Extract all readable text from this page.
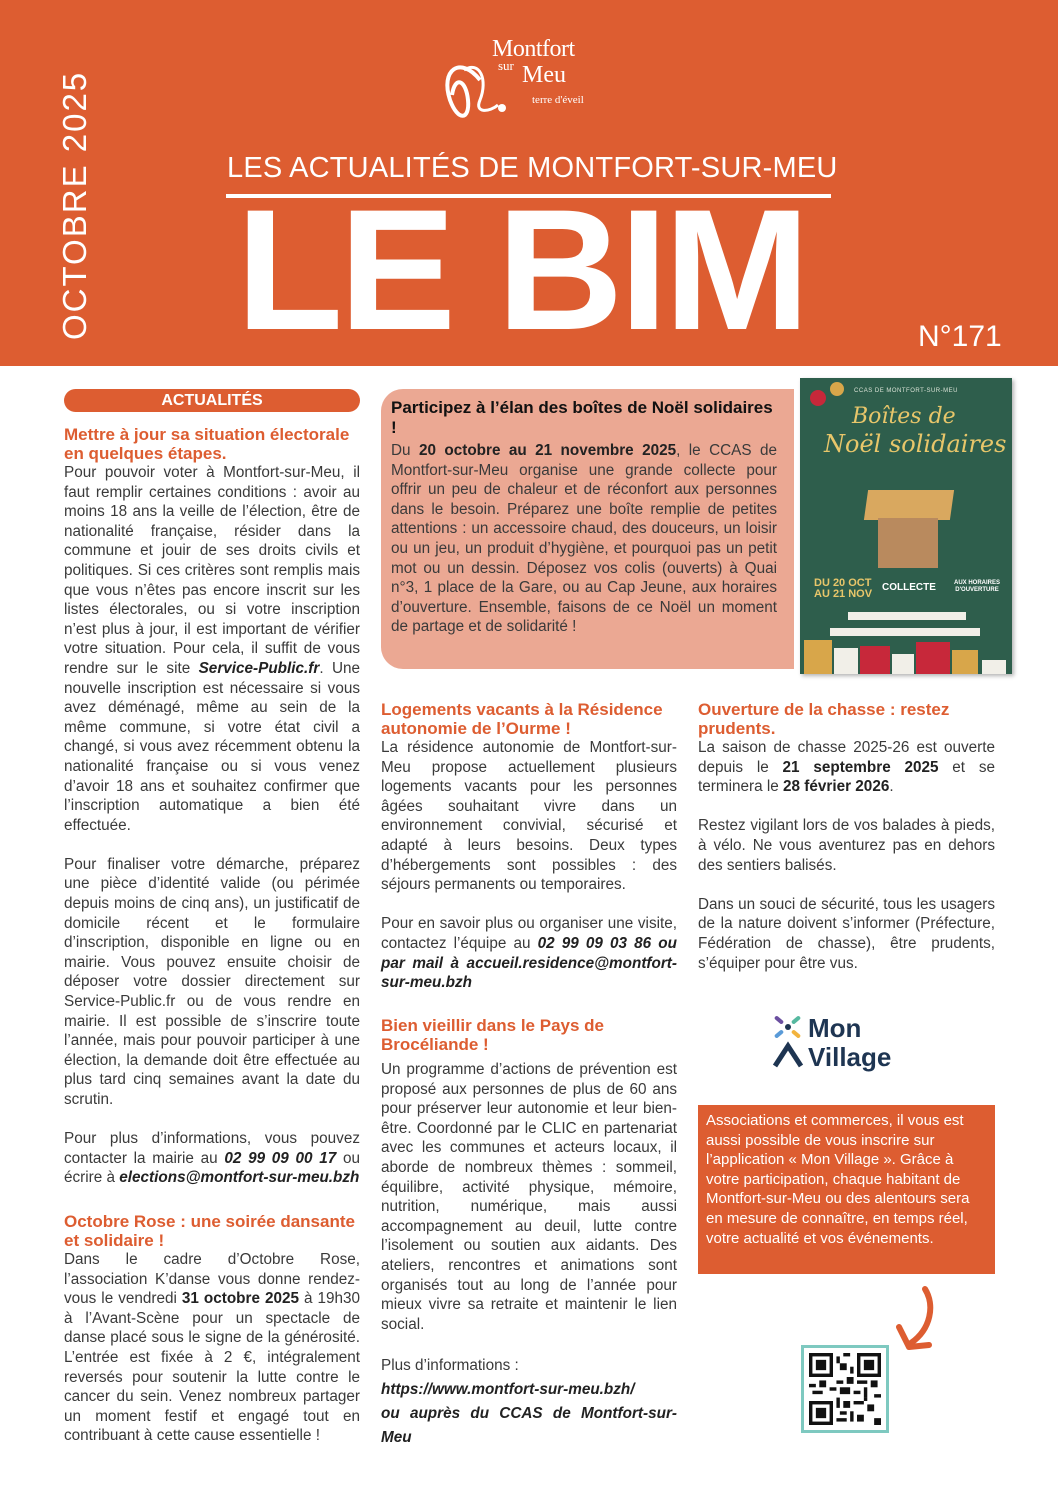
Montfort
sur Meu
terre d'éveil
OCTOBRE 2025	LES ACTUALITÉS DE MONTFORT-SUR-MEU
LE BIM	N°171
ACTUALITÉS
Mettre à jour sa situation électorale en quelques étapes.

Pour pouvoir voter à Montfort-sur-Meu, il faut remplir certaines conditions : avoir au moins 18 ans la veille de l’élection, être de nationalité française, résider dans la commune et jouir de ses droits civils et politiques. Si ces critères sont remplis mais que vous n’êtes pas encore inscrit sur les listes électorales, ou si votre inscription n’est plus à jour, il est important de vérifier votre situation. Pour cela, il suffit de vous rendre sur le site Service-Public.fr. Une nouvelle inscription est nécessaire si vous avez déménagé, même au sein de la même commune, si votre état civil a changé, si vous avez récemment obtenu la nationalité française ou si vous venez d’avoir 18 ans et souhaitez confirmer que l’inscription automatique a bien été effectuée.

Pour finaliser votre démarche, préparez une pièce d’identité valide (ou périmée depuis moins de cinq ans), un justificatif de domicile récent et le formulaire d’inscription, disponible en ligne ou en mairie. Vous pouvez ensuite choisir de déposer votre dossier directement sur Service-Public.fr ou de vous rendre en mairie. Il est possible de s’inscrire toute l’année, mais pour pouvoir participer à une élection, la demande doit être effectuée au plus tard cinq semaines avant la date du scrutin.

Pour plus d’informations, vous pouvez contacter la mairie au 02 99 09 00 17 ou écrire à elections@montfort-sur-meu.bzh

Octobre Rose : une soirée dansante et solidaire !

Dans le cadre d’Octobre Rose, l’association K’danse vous donne rendez-vous le vendredi 31 octobre 2025 à 19h30 à l’Avant-Scène pour un spectacle de danse placé sous le signe de la générosité. L’entrée est fixée à 2 €, intégralement reversés pour soutenir la lutte contre le cancer du sein. Venez nombreux partager un moment festif et engagé tout en contribuant à cette cause essentielle !

Participez à l’élan des boîtes de Noël solidaires !

Du 20 octobre au 21 novembre 2025, le CCAS de Montfort-sur-Meu organise une grande collecte pour offrir un peu de chaleur et de réconfort aux personnes dans le besoin. Préparez une boîte remplie de petites attentions : un accessoire chaud, des douceurs, un loisir ou un jeu, un produit d’hygiène, et pourquoi pas un petit mot ou un dessin. Déposez vos colis (ouverts) à Quai n°3, 1 place de la Gare, ou au Cap Jeune, aux horaires d’ouverture. Ensemble, faisons de ce Noël un moment de partage et de solidarité !

CCAS DE MONTFORT-SUR-MEU
Boîtes de
Noël solidaires
DU 20 OCT
AU 21 NOV
COLLECTE	AUX HORAIRES D'OUVERTURE
Logements vacants à la Résidence autonomie de l’Ourme !

La résidence autonomie de Montfort-sur-Meu propose actuellement plusieurs logements vacants pour les personnes âgées souhaitant vivre dans un environnement convivial, sécurisé et adapté à leurs besoins. Deux types d’hébergements sont possibles : des séjours permanents ou temporaires.

Pour en savoir plus ou organiser une visite, contactez l’équipe au 02 99 09 03 86 ou par mail à accueil.residence@montfort-sur-meu.bzh

Bien vieillir dans le Pays de Brocéliande !

Un programme d’actions de prévention est proposé aux personnes de plus de 60 ans pour préserver leur autonomie et leur bien-être. Coordonné par le CLIC en partenariat avec les communes et acteurs locaux, il aborde de nombreux thèmes : sommeil, équilibre, activité physique, mémoire, nutrition, numérique, mais aussi accompagnement au deuil, lutte contre l’isolement ou soutien aux aidants. Des ateliers, rencontres et animations sont organisés tout au long de l’année pour mieux vivre sa retraite et maintenir le lien social.

Plus d’informations :

https://www.montfort-sur-meu.bzh/

ou auprès du CCAS de Montfort-sur-Meu

Ouverture de la chasse : restez prudents.

La saison de chasse 2025-26 est ouverte depuis le 21 septembre 2025 et se terminera le 28 février 2026.

Restez vigilant lors de vos balades à pieds, à vélo. Ne vous aventurez pas en dehors des sentiers balisés.

Dans un souci de sécurité, tous les usagers de la nature doivent s’informer (Préfecture, Fédération de chasse), être prudents, s’équiper pour être vus.

Mon
Village
Associations et commerces, il vous est aussi possible de vous inscrire sur l’application « Mon Village ». Grâce à votre participation, chaque habitant de Montfort-sur-Meu ou des alentours sera en mesure de connaître, en temps réel, votre actualité et vos événements.
